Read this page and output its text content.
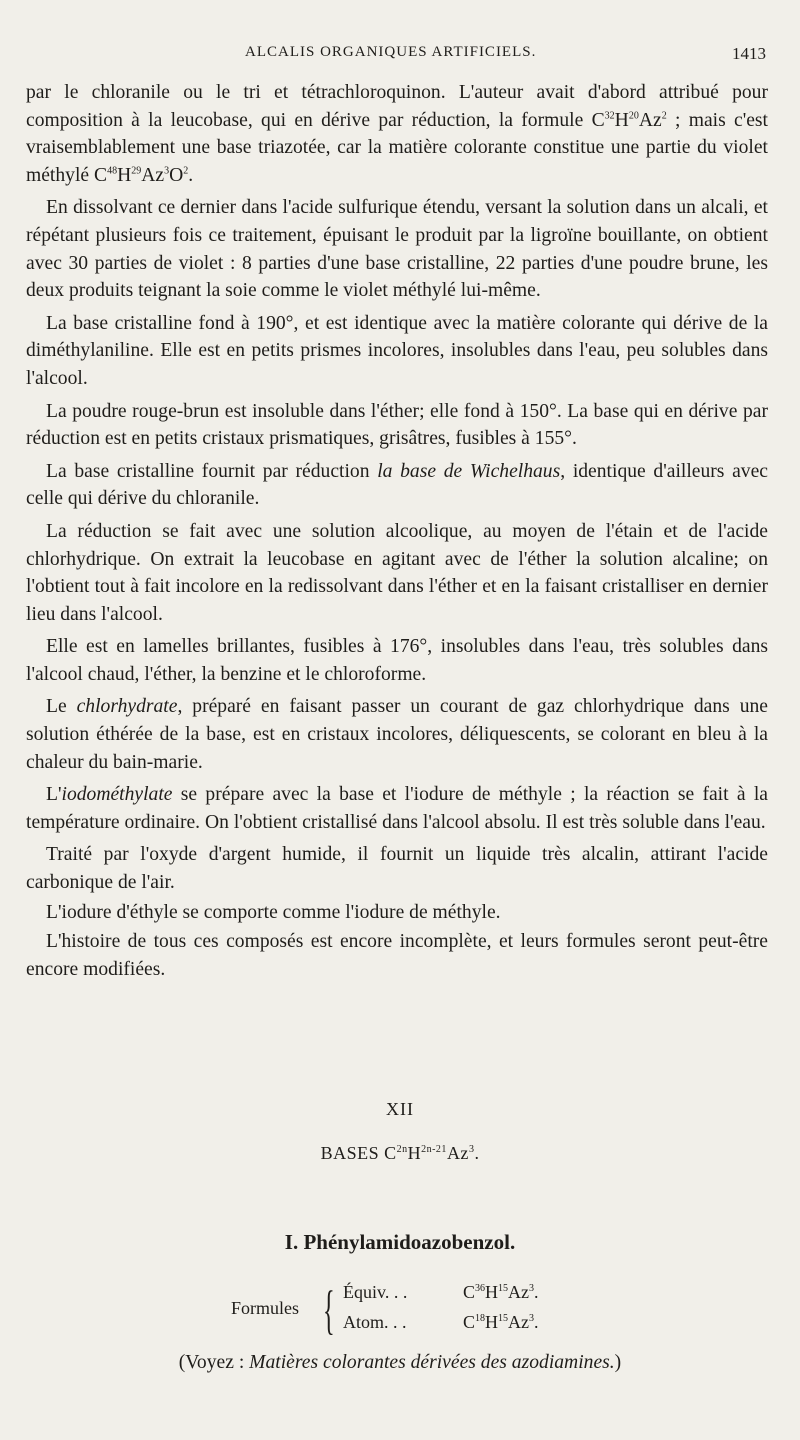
ALCALIS ORGANIQUES ARTIFICIELS.	1413

par le chloranile ou le tri et tétrachloroquinon. L'auteur avait d'abord attribué pour composition à la leucobase, qui en dérive par réduction, la formule $C^{32}H^{20}Az^2$ ; mais c'est vraisemblablement une base triazotée, car la matière colorante constitue une partie du violet méthylé $C^{48}H^{29}Az^3O^2$.

En dissolvant ce dernier dans l'acide sulfurique étendu, versant la solution dans un alcali, et répétant plusieurs fois ce traitement, épuisant le produit par la ligroïne bouillante, on obtient avec 30 parties de violet : 8 parties d'une base cristalline, 22 parties d'une poudre brune, les deux produits teignant la soie comme le violet méthylé lui-même.

La base cristalline fond à 190°, et est identique avec la matière colorante qui dérive de la diméthylaniline. Elle est en petits prismes incolores, insolubles dans l'eau, peu solubles dans l'alcool.

La poudre rouge-brun est insoluble dans l'éther; elle fond à 150°. La base qui en dérive par réduction est en petits cristaux prismatiques, grisâtres, fusibles à 155°.

La base cristalline fournit par réduction la base de Wichelhaus, identique d'ailleurs avec celle qui dérive du chloranile.

La réduction se fait avec une solution alcoolique, au moyen de l'étain et de l'acide chlorhydrique. On extrait la leucobase en agitant avec de l'éther la solution alcaline; on l'obtient tout à fait incolore en la redissolvant dans l'éther et en la faisant cristalliser en dernier lieu dans l'alcool.

Elle est en lamelles brillantes, fusibles à 176°, insolubles dans l'eau, très solubles dans l'alcool chaud, l'éther, la benzine et le chloroforme.

Le chlorhydrate, préparé en faisant passer un courant de gaz chlorhydrique dans une solution éthérée de la base, est en cristaux incolores, déliquescents, se colorant en bleu à la chaleur du bain-marie.

L'iodométhylate se prépare avec la base et l'iodure de méthyle ; la réaction se fait à la température ordinaire. On l'obtient cristallisé dans l'alcool absolu. Il est très soluble dans l'eau.

Traité par l'oxyde d'argent humide, il fournit un liquide très alcalin, attirant l'acide carbonique de l'air.

L'iodure d'éthyle se comporte comme l'iodure de méthyle.

L'histoire de tous ces composés est encore incomplète, et leurs formules seront peut-être encore modifiées.

XII
BASES $C^{2n}H^{2n-21}Az^3$.
I. Phénylamidoazobenzol.
Formules { Équiv. . .	$C^{36}H^{15}Az^3$.
Atom. . .	$C^{18}H^{15}Az^3$.
(Voyez : Matières colorantes dérivées des azodiamines.)
